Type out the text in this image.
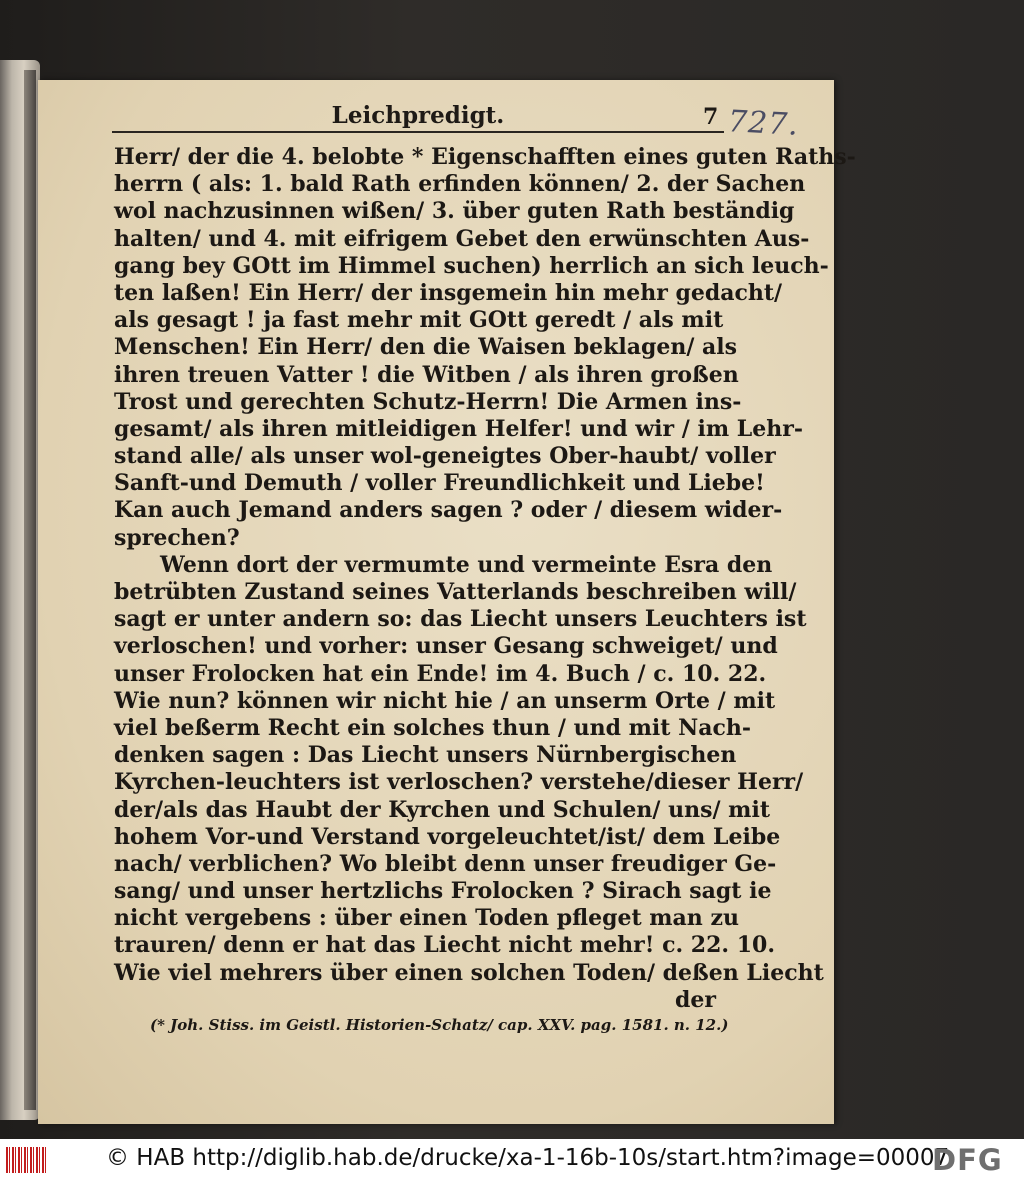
Leichpredigt.	7 727.
Herr/ der die 4. belobte * Eigenschafften eines guten Raths-
herrn ( als: 1. bald Rath erfinden können/ 2. der Sachen
wol nachzusinnen wißen/ 3. über guten Rath beständig
halten/ und 4. mit eifrigem Gebet den erwünschten Aus-
gang bey GOtt im Himmel suchen) herrlich an sich leuch-
ten laßen! Ein Herr/ der insgemein hin mehr gedacht/
als gesagt ! ja fast mehr mit GOtt geredt / als mit
Menschen! Ein Herr/ den die Waisen beklagen/ als
ihren treuen Vatter ! die Witben / als ihren großen
Trost und gerechten Schutz-Herrn! Die Armen ins-
gesamt/ als ihren mitleidigen Helfer! und wir / im Lehr-
stand alle/ als unser wol-geneigtes Ober-haubt/ voller
Sanft-und Demuth / voller Freundlichkeit und Liebe!
Kan auch Jemand anders sagen ? oder / diesem wider-
sprechen?
Wenn dort der vermumte und vermeinte Esra den
betrübten Zustand seines Vatterlands beschreiben will/
sagt er unter andern so: das Liecht unsers Leuchters ist
verloschen! und vorher: unser Gesang schweiget/ und
unser Frolocken hat ein Ende! im 4. Buch / c. 10. 22.
Wie nun? können wir nicht hie / an unserm Orte / mit
viel beßerm Recht ein solches thun / und mit Nach-
denken sagen : Das Liecht unsers Nürnbergischen
Kyrchen-leuchters ist verloschen? verstehe/dieser Herr/
der/als das Haubt der Kyrchen und Schulen/ uns/ mit
hohem Vor-und Verstand vorgeleuchtet/ist/ dem Leibe
nach/ verblichen? Wo bleibt denn unser freudiger Ge-
sang/ und unser hertzlichs Frolocken ? Sirach sagt ie
nicht vergebens : über einen Toden pfleget man zu
trauren/ denn er hat das Liecht nicht mehr! c. 22. 10.
Wie viel mehrers über einen solchen Toden/ deßen Liecht
der
(* Joh. Stiss. im Geistl. Historien-Schatz/ cap. XXV. pag. 1581. n. 12.)
© HAB http://diglib.hab.de/drucke/xa-1-16b-10s/start.htm?image=00007
DFG
